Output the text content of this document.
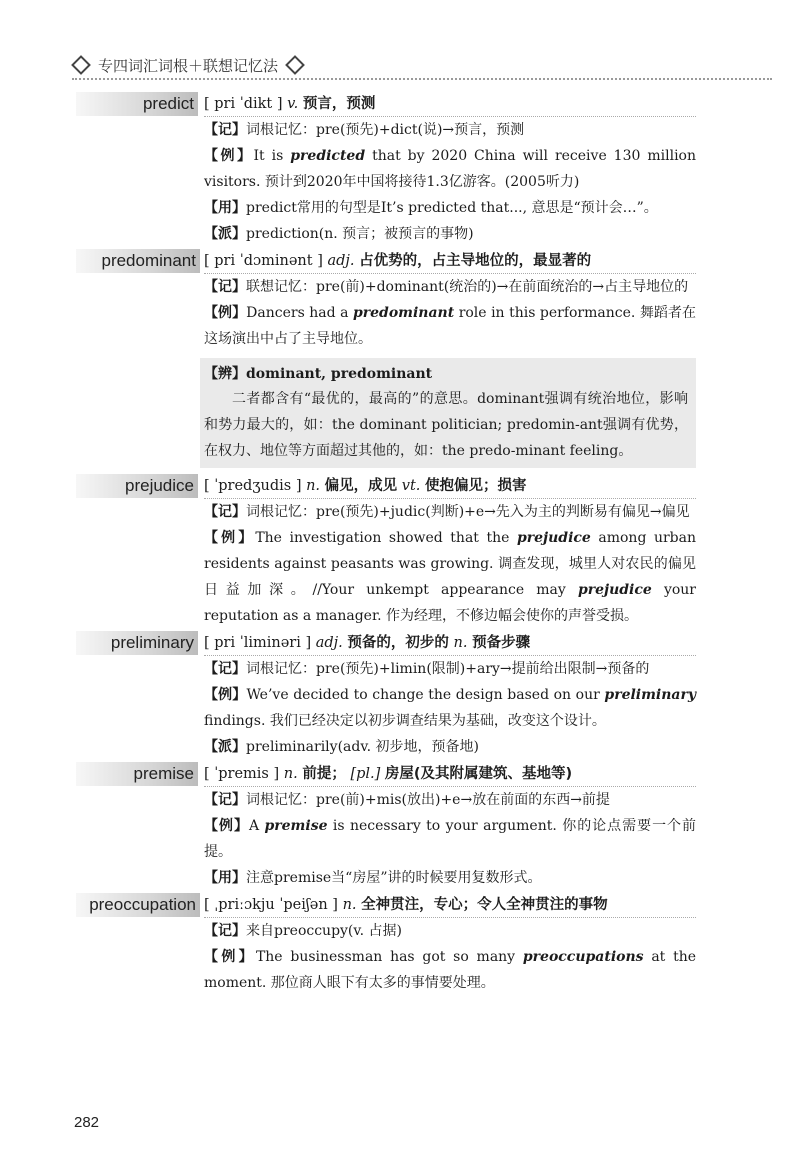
专四词汇词根＋联想记忆法
predict [ pri ˈdikt ] v. 预言，预测
【记】词根记忆：pre(预先)+dict(说)→预言，预测
【例】It is predicted that by 2020 China will receive 130 million visitors. 预计到2020年中国将接待1.3亿游客。(2005听力)
【用】predict常用的句型是It’s predicted that..., 意思是“预计会…”。
【派】prediction(n. 预言；被预言的事物)
predominant [ pri ˈdɔminənt ] adj. 占优势的，占主导地位的，最显著的
【记】联想记忆：pre(前)+dominant(统治的)→在前面统治的→占主导地位的
【例】Dancers had a predominant role in this performance. 舞蹈者在这场演出中占了主导地位。
【辨】dominant, predominant
二者都含有“最优的，最高的”的意思。dominant强调有统治地位，影响和势力最大的，如：the dominant politician; predomin-ant强调有优势，在权力、地位等方面超过其他的，如：the predo-minant feeling。
prejudice [ ˈpredʒudis ] n. 偏见，成见 vt. 使抱偏见；损害
【记】词根记忆：pre(预先)+judic(判断)+e→先入为主的判断易有偏见→偏见
【例】The investigation showed that the prejudice among urban residents against peasants was growing. 调查发现，城里人对农民的偏见日益加深。//Your unkempt appearance may prejudice your reputation as a manager. 作为经理，不修边幅会使你的声誉受损。
preliminary [ pri ˈliminəri ] adj. 预备的，初步的 n. 预备步骤
【记】词根记忆：pre(预先)+limin(限制)+ary→提前给出限制→预备的
【例】We’ve decided to change the design based on our preliminary findings. 我们已经决定以初步调查结果为基础，改变这个设计。
【派】preliminarily(adv. 初步地，预备地)
premise [ ˈpremis ] n. 前提； [pl.] 房屋(及其附属建筑、基地等)
【记】词根记忆：pre(前)+mis(放出)+e→放在前面的东西→前提
【例】A premise is necessary to your argument. 你的论点需要一个前提。
【用】注意premise当“房屋”讲的时候要用复数形式。
preoccupation [ ˌpriːɔkju ˈpeiʃən ] n. 全神贯注，专心；令人全神贯注的事物
【记】来自preoccupy(v. 占据)
【例】The businessman has got so many preoccupations at the moment. 那位商人眼下有太多的事情要处理。
282
